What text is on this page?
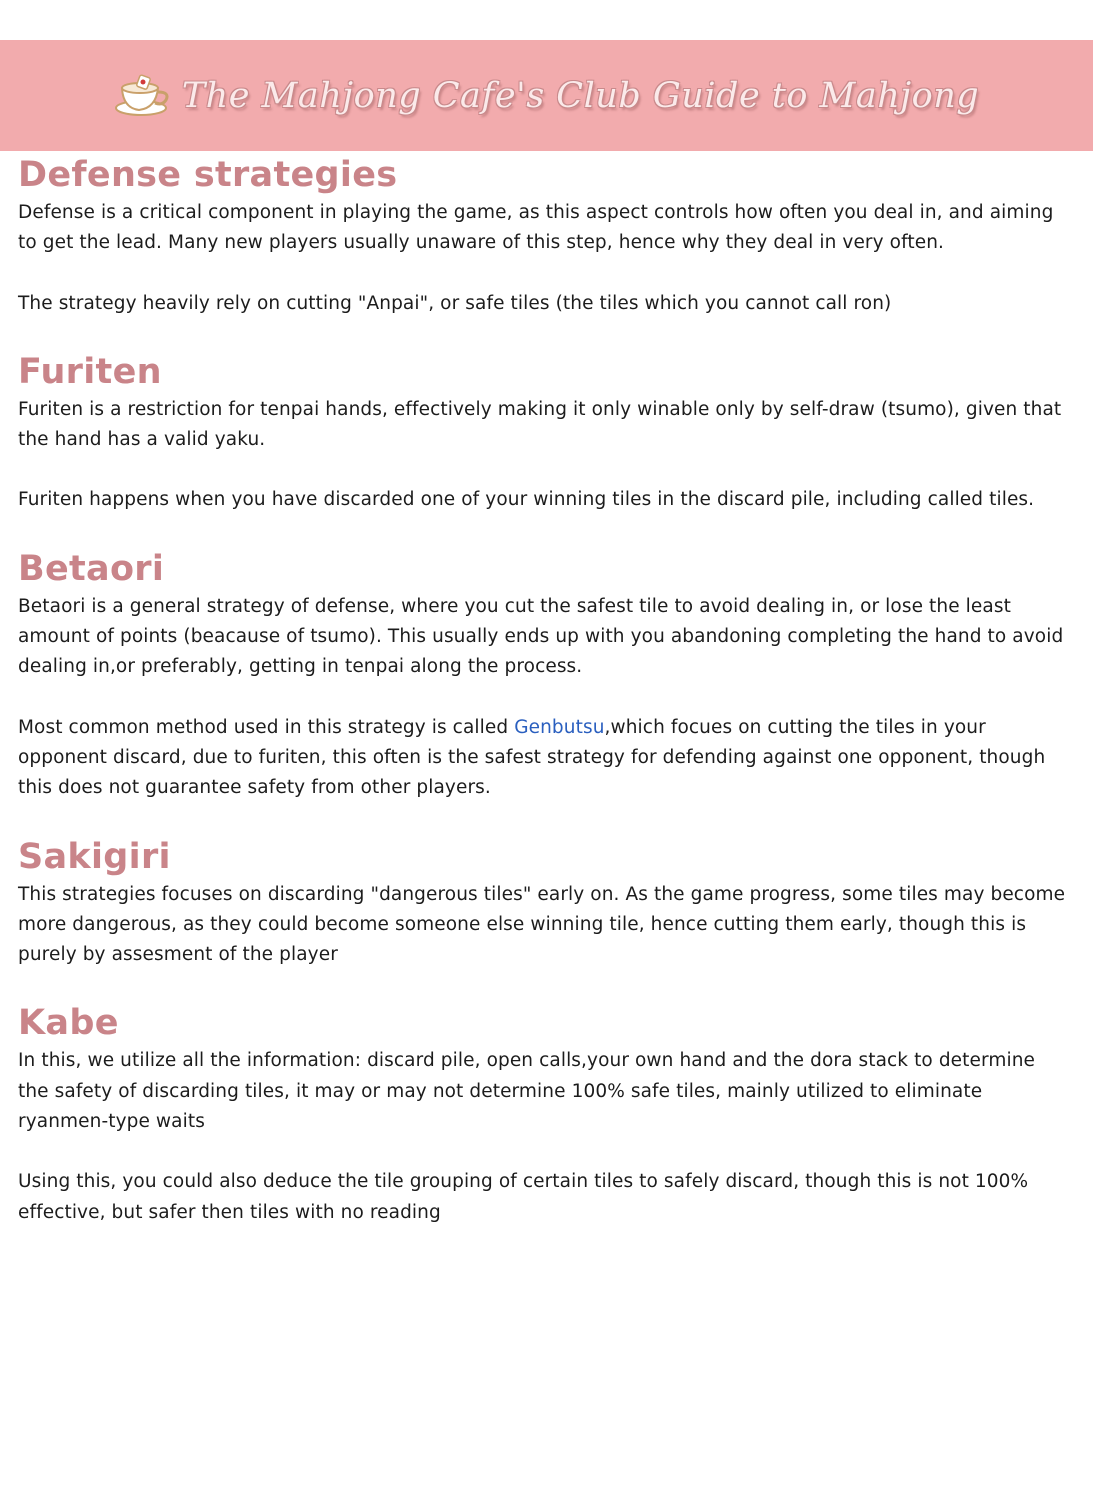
The Mahjong Cafe's Club Guide to Mahjong
Defense strategies

Defense is a critical component in playing the game, as this aspect controls how often you deal in, and aiming to get the lead. Many new players usually unaware of this step, hence why they deal in very often.

The strategy heavily rely on cutting "Anpai", or safe tiles (the tiles which you cannot call ron)

Furiten

Furiten is a restriction for tenpai hands, effectively making it only winable only by self-draw (tsumo), given that the hand has a valid yaku.

Furiten happens when you have discarded one of your winning tiles in the discard pile, including called tiles.

Betaori

Betaori is a general strategy of defense, where you cut the safest tile to avoid dealing in, or lose the least amount of points (beacause of tsumo). This usually ends up with you abandoning completing the hand to avoid dealing in,or preferably, getting in tenpai along the process.

Most common method used in this strategy is called Genbutsu,which focues on cutting the tiles in your opponent discard, due to furiten, this often is the safest strategy for defending against one opponent, though this does not guarantee safety from other players.

Sakigiri

This strategies focuses on discarding "dangerous tiles" early on. As the game progress, some tiles may become more dangerous, as they could become someone else winning tile, hence cutting them early, though this is purely by assesment of the player

Kabe

In this, we utilize all the information: discard pile, open calls,your own hand and the dora stack to determine the safety of discarding tiles, it may or may not determine 100% safe tiles, mainly utilized to eliminate ryanmen-type waits

Using this, you could also deduce the tile grouping of certain tiles to safely discard, though this is not 100% effective, but safer then tiles with no reading
